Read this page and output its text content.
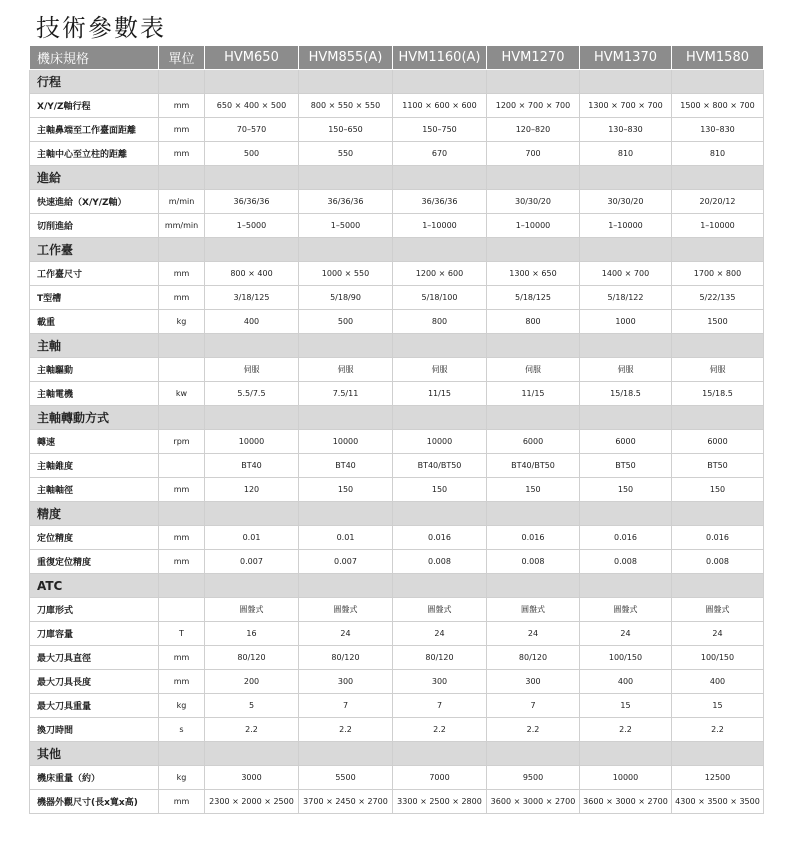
技術參數表
機床規格	單位	HVM650	HVM855(A)	HVM1160(A)	HVM1270	HVM1370	HVM1580
行程							
X/Y/Z軸行程	mm	650 × 400 × 500	800 × 550 × 550	1100 × 600 × 600	1200 × 700 × 700	1300 × 700 × 700	1500 × 800 × 700
主軸鼻端至工作臺面距離	mm	70–570	150–650	150–750	120–820	130–830	130–830
主軸中心至立柱的距離	mm	500	550	670	700	810	810
進給							
快速進給（X/Y/Z軸）	m/min	36/36/36	36/36/36	36/36/36	30/30/20	30/30/20	20/20/12
切削進給	mm/min	1–5000	1–5000	1–10000	1–10000	1–10000	1–10000
工作臺							
工作臺尺寸	mm	800 × 400	1000 × 550	1200 × 600	1300 × 650	1400 × 700	1700 × 800
T型槽	mm	3/18/125	5/18/90	5/18/100	5/18/125	5/18/122	5/22/135
載重	kg	400	500	800	800	1000	1500
主軸							
主軸驅動		伺服	伺服	伺服	伺服	伺服	伺服
主軸電機	kw	5.5/7.5	7.5/11	11/15	11/15	15/18.5	15/18.5
主軸轉動方式							
轉速	rpm	10000	10000	10000	6000	6000	6000
主軸錐度		BT40	BT40	BT40/BT50	BT40/BT50	BT50	BT50
主軸軸徑	mm	120	150	150	150	150	150
精度							
定位精度	mm	0.01	0.01	0.016	0.016	0.016	0.016
重復定位精度	mm	0.007	0.007	0.008	0.008	0.008	0.008
ATC							
刀庫形式		圓盤式	圓盤式	圓盤式	圓盤式	圓盤式	圓盤式
刀庫容量	T	16	24	24	24	24	24
最大刀具直徑	mm	80/120	80/120	80/120	80/120	100/150	100/150
最大刀具長度	mm	200	300	300	300	400	400
最大刀具重量	kg	5	7	7	7	15	15
換刀時間	s	2.2	2.2	2.2	2.2	2.2	2.2
其他							
機床重量（約）	kg	3000	5500	7000	9500	10000	12500
機器外觀尺寸(長x寬x高)	mm	2300 × 2000 × 2500	3700 × 2450 × 2700	3300 × 2500 × 2800	3600 × 3000 × 2700	3600 × 3000 × 2700	4300 × 3500 × 3500
